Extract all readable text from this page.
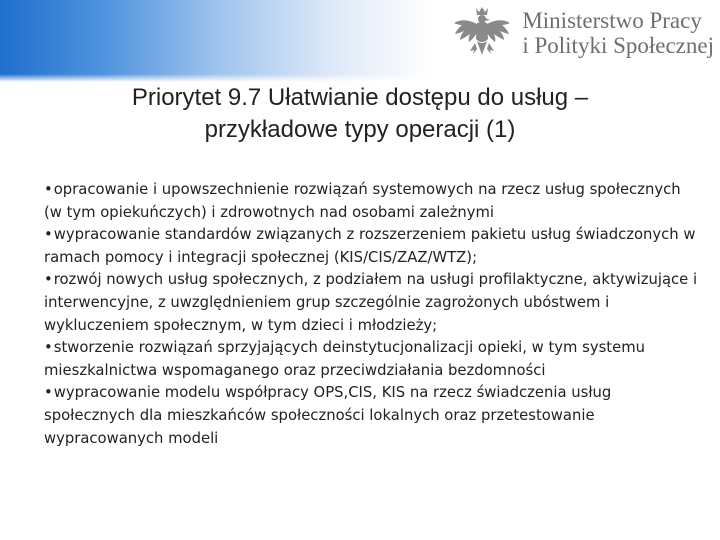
Ministerstwo Pracy
i Polityki Społecznej
Priorytet 9.7 Ułatwianie dostępu do usług –
przykładowe typy operacji (1)
•opracowanie i upowszechnienie rozwiązań systemowych na rzecz usług społecznych (w tym opiekuńczych) i zdrowotnych nad osobami zależnymi
•wypracowanie standardów związanych z rozszerzeniem pakietu usług świadczonych w ramach pomocy i integracji społecznej (KIS/CIS/ZAZ/WTZ);
•rozwój nowych usług społecznych, z podziałem na usługi profilaktyczne, aktywizujące i interwencyjne, z uwzględnieniem grup szczególnie zagrożonych ubóstwem i wykluczeniem społecznym, w tym dzieci i młodzieży;
•stworzenie rozwiązań sprzyjających deinstytucjonalizacji opieki, w tym systemu mieszkalnictwa wspomaganego oraz przeciwdziałania bezdomności
•wypracowanie modelu współpracy OPS,CIS, KIS na rzecz świadczenia usług społecznych dla mieszkańców społeczności lokalnych oraz przetestowanie wypracowanych modeli
